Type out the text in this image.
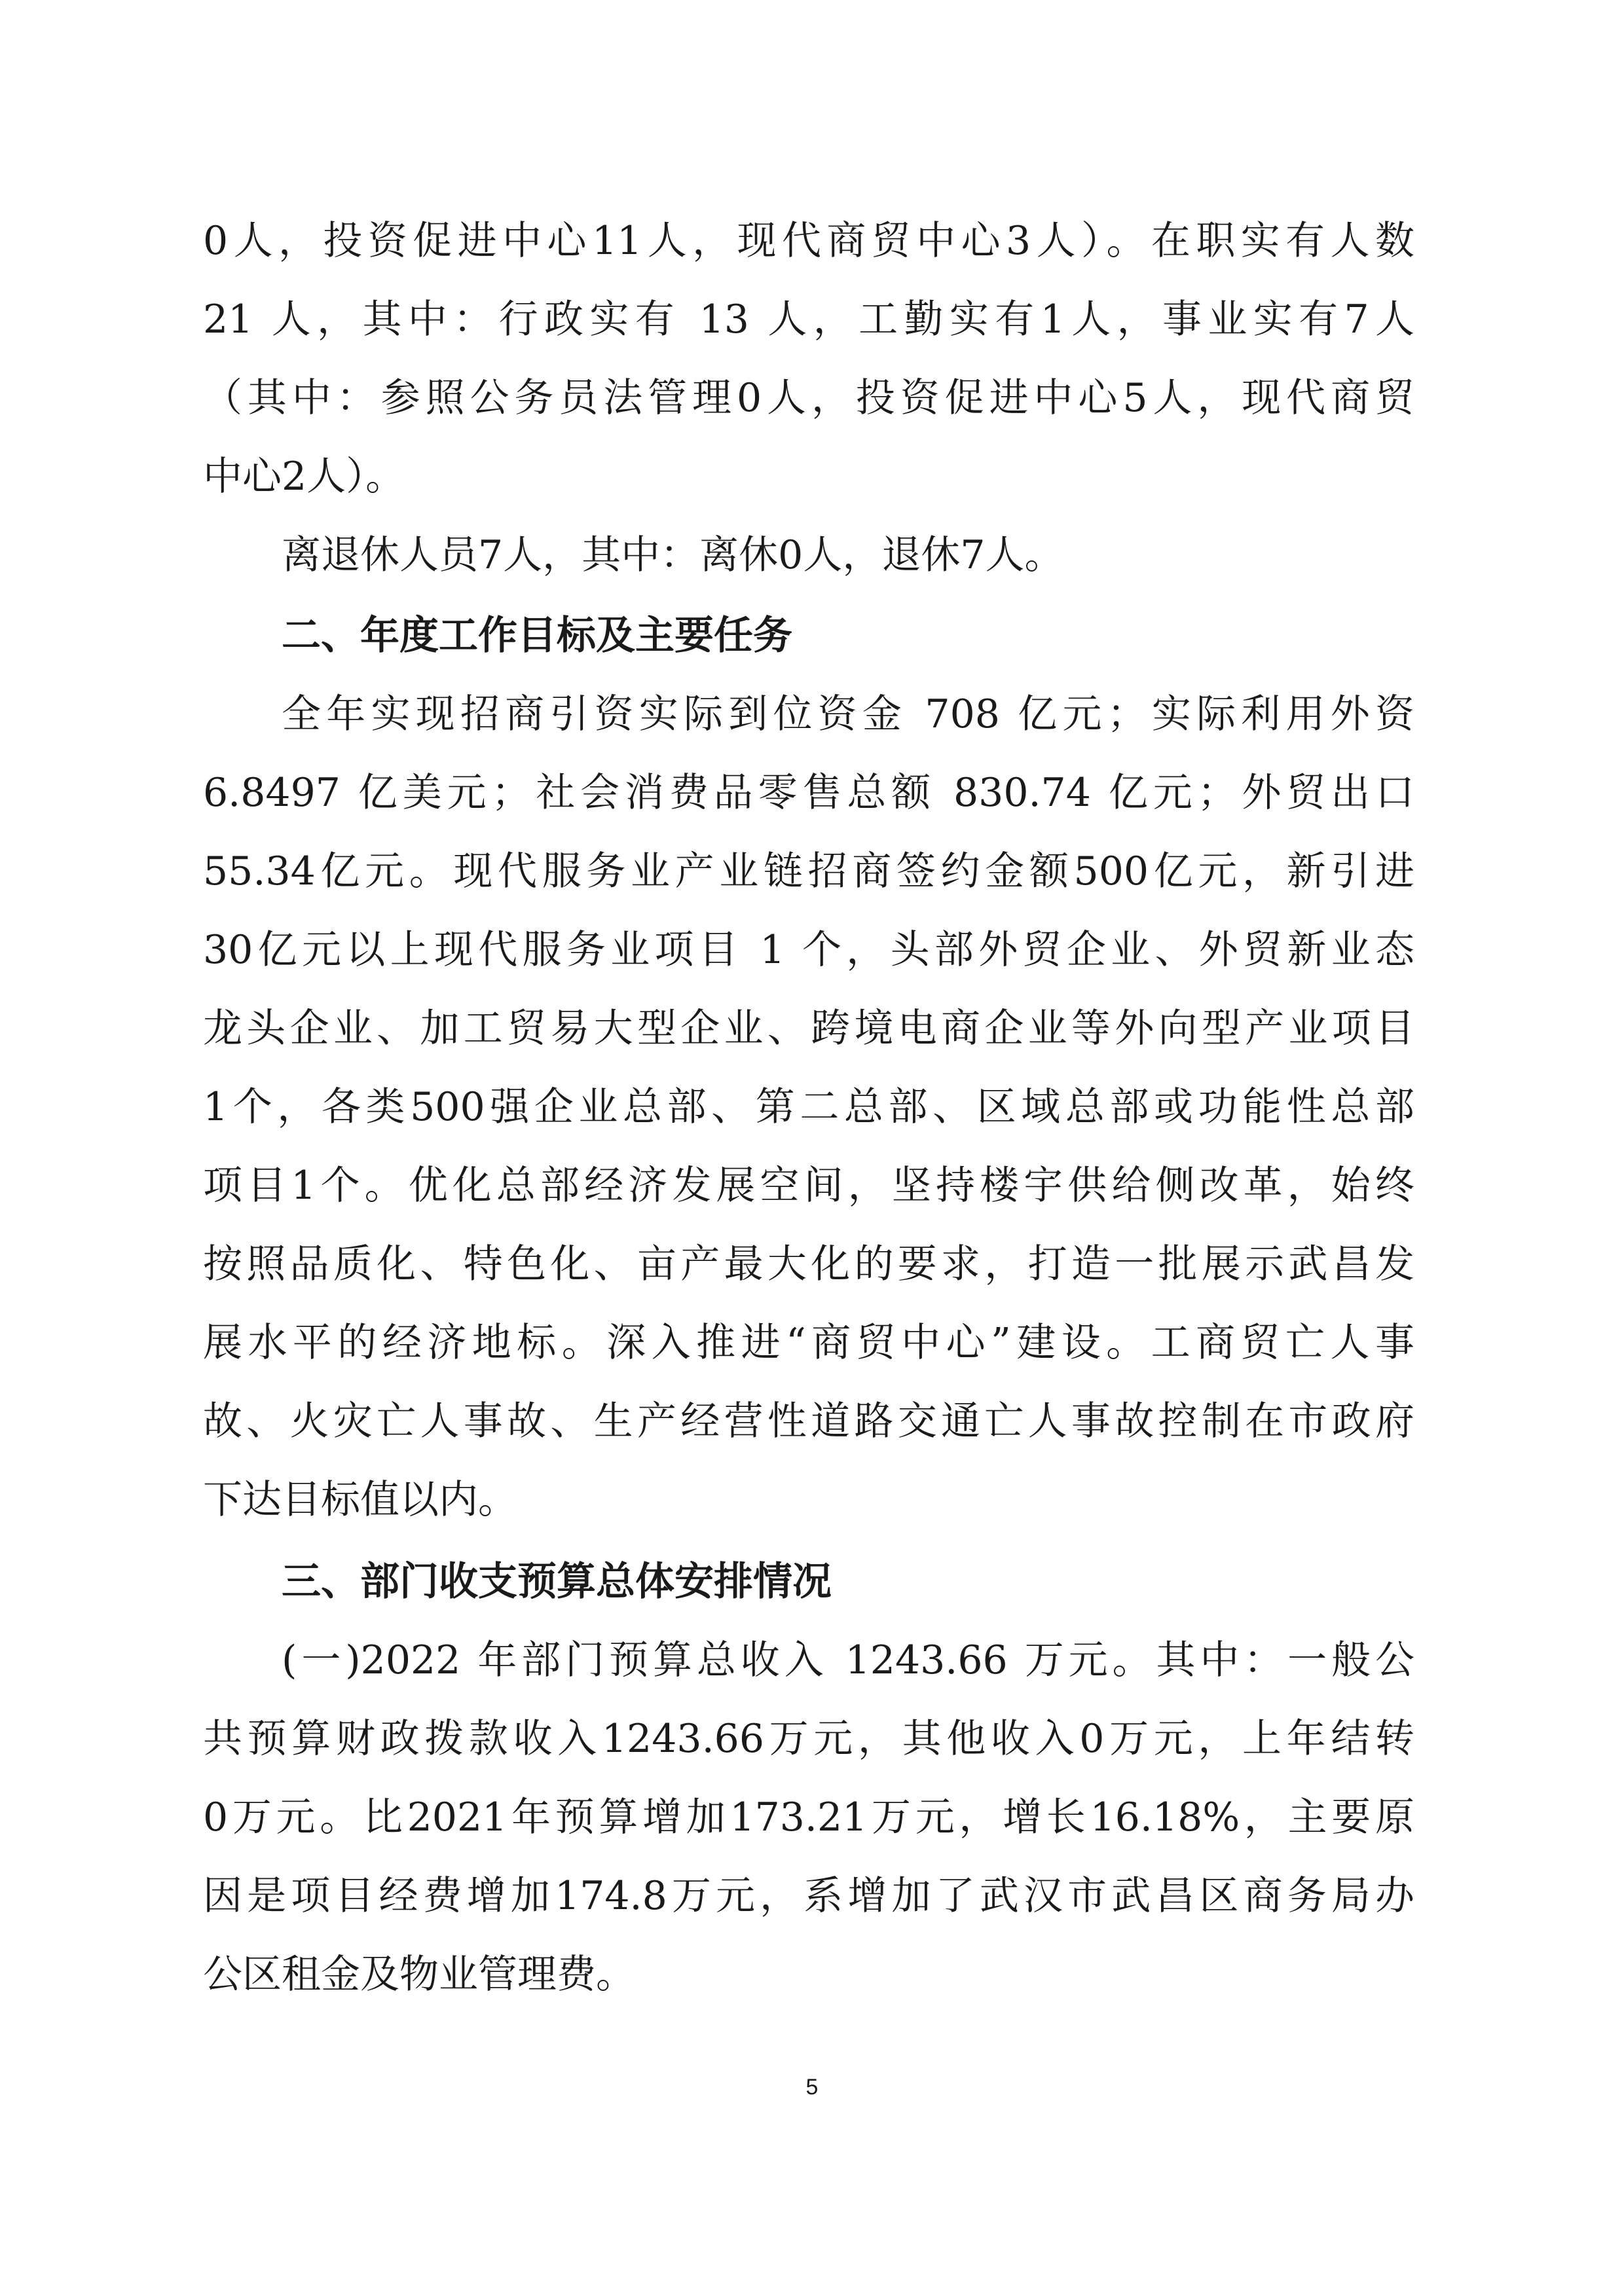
0人，投资促进中心11人，现代商贸中心3人）。在职实有人数
21 人，其中：行政实有 13 人，工勤实有1人，事业实有7人
（其中：参照公务员法管理0人，投资促进中心5人，现代商贸
中心2人）。
离退休人员7人，其中：离休0人，退休7人。
二、年度工作目标及主要任务
全年实现招商引资实际到位资金 708 亿元；实际利用外资
6.8497 亿美元；社会消费品零售总额 830.74 亿元；外贸出口
55.34亿元。现代服务业产业链招商签约金额500亿元，新引进
30亿元以上现代服务业项目 1 个，头部外贸企业、外贸新业态
龙头企业、加工贸易大型企业、跨境电商企业等外向型产业项目
1个，各类500强企业总部、第二总部、区域总部或功能性总部
项目1个。优化总部经济发展空间，坚持楼宇供给侧改革，始终
按照品质化、特色化、亩产最大化的要求，打造一批展示武昌发
展水平的经济地标。深入推进“商贸中心”建设。工商贸亡人事
故、火灾亡人事故、生产经营性道路交通亡人事故控制在市政府
下达目标值以内。
三、部门收支预算总体安排情况
(一)2022 年部门预算总收入 1243.66 万元。其中：一般公
共预算财政拨款收入1243.66万元，其他收入0万元，上年结转
0万元。比2021年预算增加173.21万元，增长16.18%，主要原
因是项目经费增加174.8万元，系增加了武汉市武昌区商务局办
公区租金及物业管理费。
5
